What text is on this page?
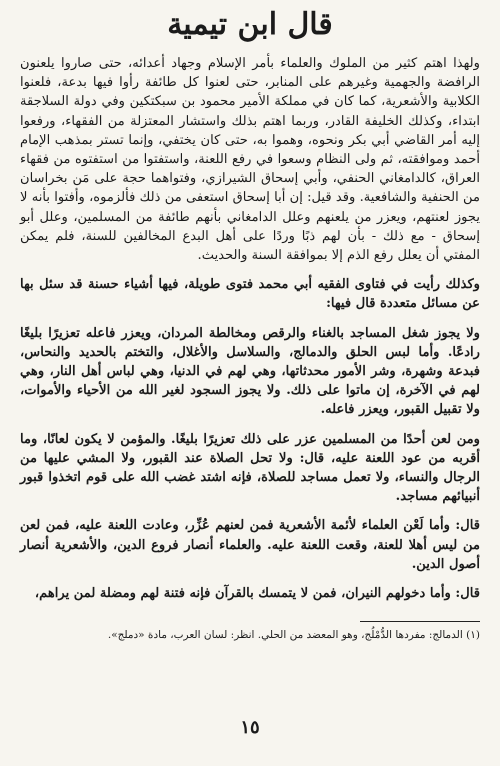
قال ابن تيمية

ولهذا اهتم كثير من الملوك والعلماء بأمر الإسلام وجهاد أعدائه، حتى صاروا يلعنون الرافضة والجهمية وغيرهم على المنابر، حتى لعنوا كل طائفة رأوا فيها بدعة، فلعنوا الكلابية والأشعرية، كما كان في مملكة الأمير محمود بن سبكتكين وفي دولة السلاجقة ابتداء، وكذلك الخليفة القادر، وربما اهتم بذلك واستشار المعتزلة من الفقهاء، ورفعوا إليه أمر القاضي أبي بكر ونحوه، وهموا به، حتى كان يختفي، وإنما تستر بمذهب الإمام أحمد وموافقته، ثم ولى النظام وسعوا في رفع اللعنة، واستفتوا من استفتوه من فقهاء العراق، كالدامغاني الحنفي، وأبي إسحاق الشيرازي، وفتواهما حجة على مَن بخراسان من الحنفية والشافعية. وقد قيل: إن أبا إسحاق استعفى من ذلك فألزموه، وأفتوا بأنه لا يجوز لعنتهم، ويعزر من يلعنهم وعلل الدامغاني بأنهم طائفة من المسلمين، وعلل أبو إسحاق - مع ذلك - بأن لهم ذبًا وردًا على أهل البدع المخالفين للسنة، فلم يمكن المفتي أن يعلل رفع الذم إلا بموافقة السنة والحديث.

وكذلك رأيت في فتاوى الفقيه أبي محمد فتوى طويلة، فيها أشياء حسنة قد سئل بها عن مسائل متعددة قال فيها:

ولا يجوز شغل المساجد بالغناء والرقص ومخالطة المردان، ويعزر فاعله تعزيرًا بليغًا رادعًا. وأما لبس الحلق والدمالج، والسلاسل والأغلال، والتختم بالحديد والنحاس، فبدعة وشهرة، وشر الأمور محدثاتها، وهي لهم في الدنيا، وهي لباس أهل النار، وهي لهم في الآخرة، إن ماتوا على ذلك. ولا يجوز السجود لغير الله من الأحياء والأموات، ولا تقبيل القبور، ويعزر فاعله.

ومن لعن أحدًا من المسلمين عزر على ذلك تعزيرًا بليغًا. والمؤمن لا يكون لعانًا، وما أقربه من عود اللعنة عليه، قال: ولا تحل الصلاة عند القبور، ولا المشي عليها من الرجال والنساء، ولا تعمل مساجد للصلاة، فإنه اشتد غضب الله على قوم اتخذوا قبور أنبيائهم مساجد.

قال: وأما لَعْن العلماء لأئمة الأشعرية فمن لعنهم عُزِّر، وعادت اللعنة عليه، فمن لعن من ليس أهلا للعنة، وقعت اللعنة عليه. والعلماء أنصار فروع الدين، والأشعرية أنصار أصول الدين.

قال: وأما دخولهم النيران، فمن لا يتمسك بالقرآن فإنه فتنة لهم ومضلة لمن يراهم،

(١) الدمالج: مفردها الدُّمْلُج، وهو المعضد من الحلي. انظر: لسان العرب، مادة «دملج».

١٥
